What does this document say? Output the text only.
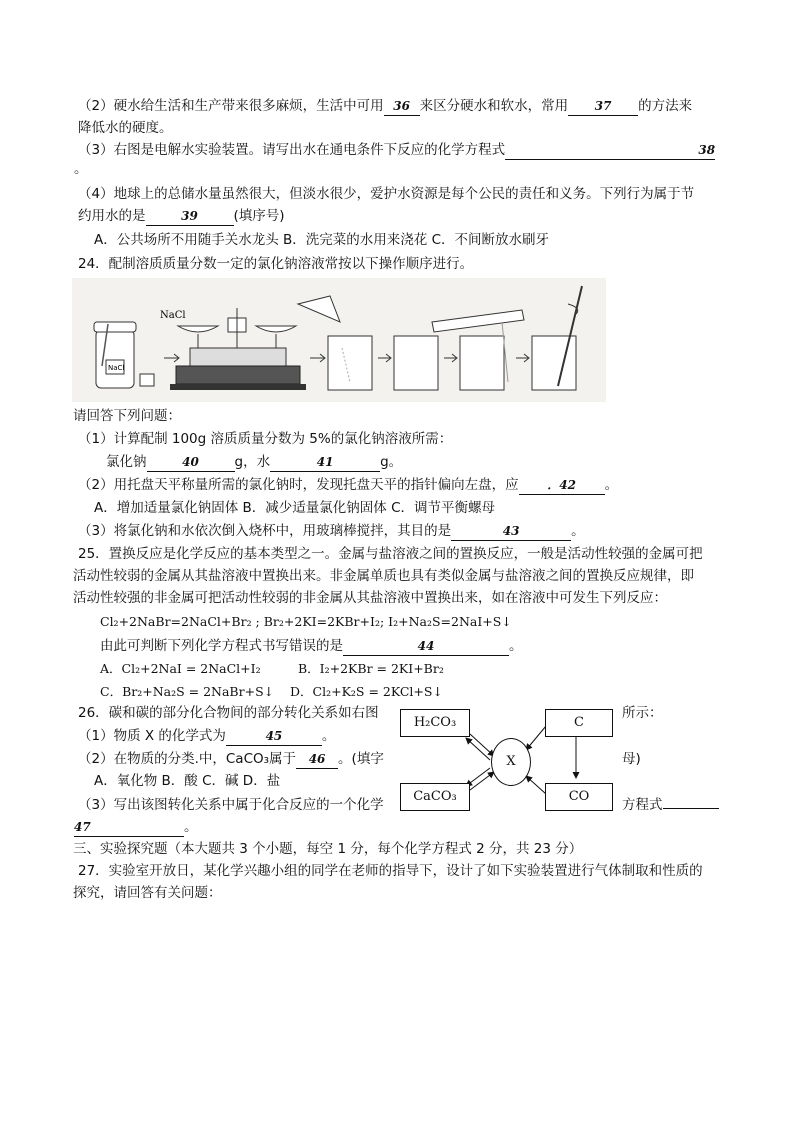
（2）硬水给生活和生产带来很多麻烦，生活中可用 36 来区分硬水和软水，常用 37 的方法来
降低水的硬度。
（3）右图是电解水实验装置。请写出水在通电条件下反应的化学方程式	38
。
（4）地球上的总储水量虽然很大，但淡水很少，爱护水资源是每个公民的责任和义务。下列行为属于节
约用水的是	39	(填序号)
A．公共场所不用随手关水龙头 B．洗完菜的水用来浇花 C．不间断放水刷牙
24．配制溶质质量分数一定的氯化钠溶液常按以下操作顺序进行。
NaCl
NaCl
请回答下列问题：
（1）计算配制 100g 溶质质量分数为 5%的氯化钠溶液所需：
氯化钠	40	g，水	41	g。
（2）用托盘天平称量所需的氯化钠时，发现托盘天平的指针偏向左盘，应 ．42 。
A．增加适量氯化钠固体 B．减少适量氯化钠固体 C．调节平衡螺母
（3）将氯化钠和水依次倒入烧杯中，用玻璃棒搅拌，其目的是	43	。
25．置换反应是化学反应的基本类型之一。金属与盐溶液之间的置换反应，一般是活动性较强的金属可把
活动性较弱的金属从其盐溶液中置换出来。非金属单质也具有类似金属与盐溶液之间的置换反应规律，即
活动性较强的非金属可把活动性较弱的非金属从其盐溶液中置换出来，如在溶液中可发生下列反应：
Cl₂+2NaBr=2NaCl+Br₂ ; Br₂+2KI=2KBr+I₂; I₂+Na₂S=2NaI+S↓
由此可判断下列化学方程式书写错误的是	44	。
A．Cl₂+2NaI = 2NaCl+I₂	B．I₂+2KBr = 2KI+Br₂
C．Br₂+Na₂S = 2NaBr+S↓ D．Cl₂+K₂S = 2KCl+S↓
26．碳和碳的部分化合物间的部分转化关系如右图	所示：
（1）物质 X 的化学式为	45	。
（2）在物质的分类.中，CaCO₃属于 46 。(填字	母)
A．氧化物 B．酸 C．碱 D．盐
（3）写出该图转化关系中属于化合反应的一个化学	方程式
47	。
H₂CO₃	C
X
CaCO₃	CO
三、实验探究题（本大题共 3 个小题，每空 1 分，每个化学方程式 2 分，共 23 分）
27．实验室开放日，某化学兴趣小组的同学在老师的指导下，设计了如下实验装置进行气体制取和性质的
探究，请回答有关问题：
